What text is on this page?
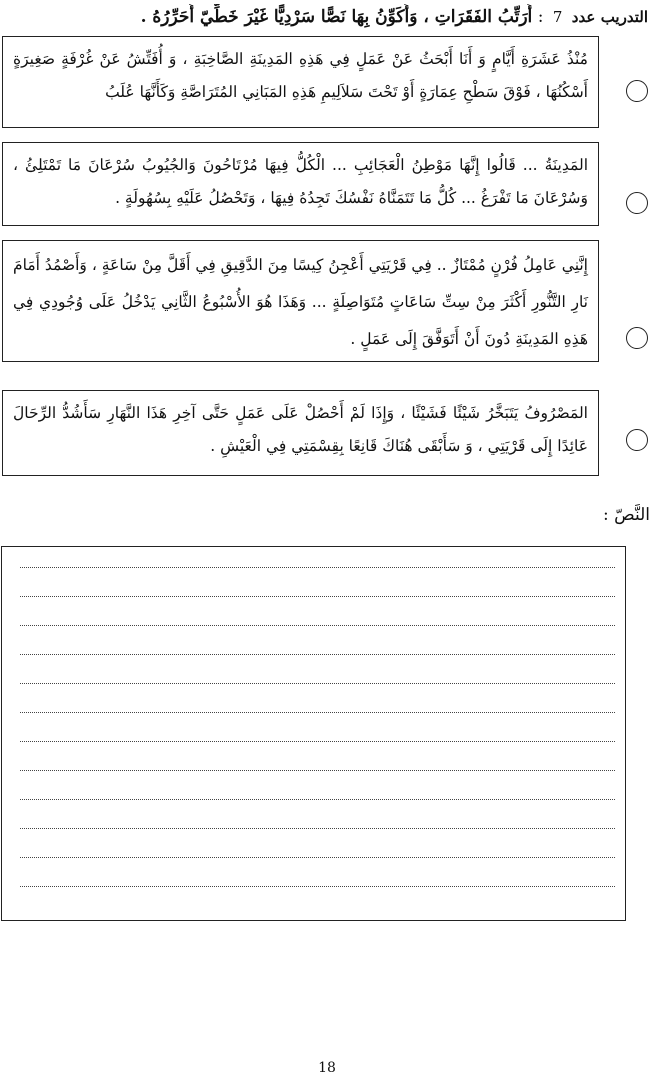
التدريب عدد 7 : أُرَتِّبُ الفَقَرَاتِ ، وَأُكَوِّنُ بِهَا نَصًّا سَرْدِيًّا غَيْرَ خَطِّيّ أُحَرِّرُهُ .
مُنْذُ عَشَرَةِ أَيَّامٍ وَ أَنَا أَبْحَثُ عَنْ عَمَلٍ فِي هَذِهِ المَدِينَةِ الصَّاخِبَةِ ، وَ أُفَتِّشُ عَنْ غُرْفَةٍ صَغِيرَةٍ أَسْكُنُهَا ، فَوْقَ سَطْحِ عِمَارَةٍ أَوْ تَحْتَ سَلاَلِيمِ هَذِهِ المَبَانِي المُتَرَاصَّةِ وَكَأَنَّهَا عُلَبُ
المَدِينَةُ ... قَالُوا إِنَّهَا مَوْطِنُ الْعَجَائِبِ ... الْكُلُّ فِيهَا مُرْتَاحُونَ وَالجُيُوبُ سُرْعَانَ مَا تَمْتَلِئُ ، وَسُرْعَانَ مَا تَفْرَغُ ... كُلُّ مَا تَتَمَنَّاهُ نَفْسُكَ تَجِدُهُ فِيهَا ، وَتَحْصُلُ عَلَيْهِ بِسُهُولَةٍ .
إِنَّنِي عَامِلُ فُرْنٍ مُمْتَازٌ .. فِي قَرْيَتِي أَعْجِنُ كِيسًا مِنَ الدَّقِيقِ فِي أَقَلَّ مِنْ سَاعَةٍ ، وَأَصْمُدُ أَمَامَ نَارِ التَّنُّورِ أَكْثَرَ مِنْ سِتِّ سَاعَاتٍ مُتَوَاصِلَةٍ ... وَهَذَا هُوَ الأُسْبُوعُ الثَّانِي يَدْخُلُ عَلَى وُجُودِي فِي هَذِهِ المَدِينَةِ دُونَ أَنْ أَتَوَفَّقَ إِلَى عَمَلٍ .
المَصْرُوفُ يَتَبَخَّرُ شَيْئًا فَشَيْئًا ، وَإِذَا لَمْ أَحْصُلْ عَلَى عَمَلٍ حَتَّى آخِرِ هَذَا النَّهَارِ سَأَشُدُّ الرِّحَالَ عَائِدًا إِلَى قَرْيَتِي ، وَ سَأَبْقَى هُنَاكَ قَانِعًا بِقِسْمَتِي فِي الْعَيْشِ .
النَّصّ :
18
